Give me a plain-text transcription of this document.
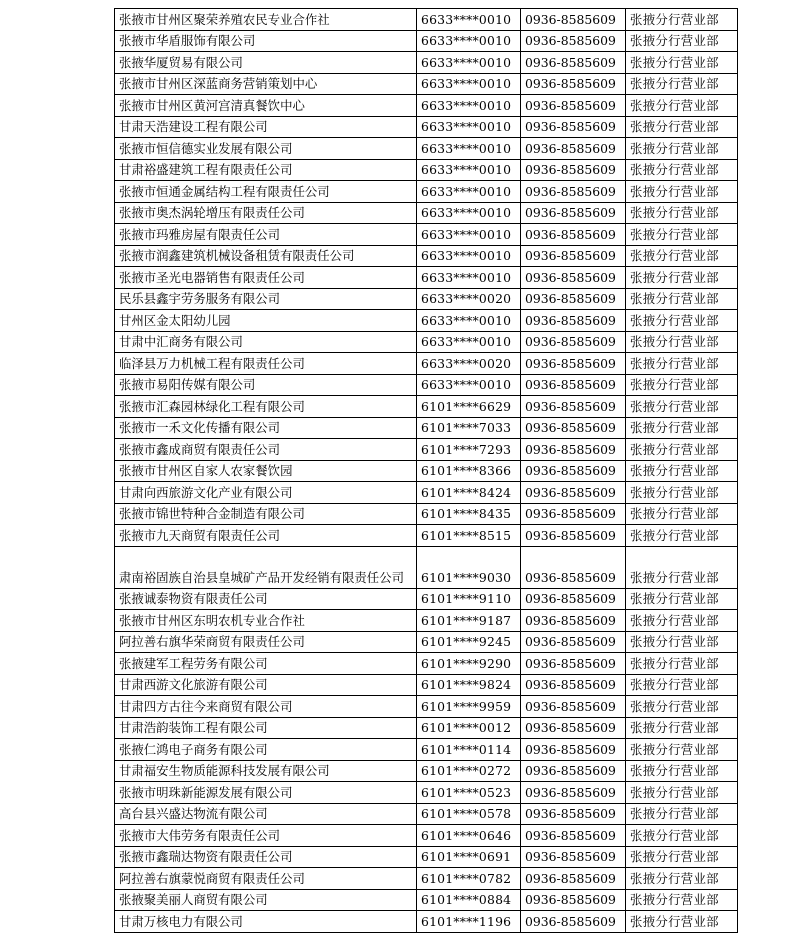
张掖市甘州区聚荣养殖农民专业合作社	6633****0010	0936-8585609	张掖分行营业部
张掖市华盾服饰有限公司	6633****0010	0936-8585609	张掖分行营业部
张掖华厦贸易有限公司	6633****0010	0936-8585609	张掖分行营业部
张掖市甘州区深蓝商务营销策划中心	6633****0010	0936-8585609	张掖分行营业部
张掖市甘州区黄河宫清真餐饮中心	6633****0010	0936-8585609	张掖分行营业部
甘肃天浩建设工程有限公司	6633****0010	0936-8585609	张掖分行营业部
张掖市恒信德实业发展有限公司	6633****0010	0936-8585609	张掖分行营业部
甘肃裕盛建筑工程有限责任公司	6633****0010	0936-8585609	张掖分行营业部
张掖市恒通金属结构工程有限责任公司	6633****0010	0936-8585609	张掖分行营业部
张掖市奥杰涡轮增压有限责任公司	6633****0010	0936-8585609	张掖分行营业部
张掖市玛雅房屋有限责任公司	6633****0010	0936-8585609	张掖分行营业部
张掖市润鑫建筑机械设备租赁有限责任公司	6633****0010	0936-8585609	张掖分行营业部
张掖市圣光电器销售有限责任公司	6633****0010	0936-8585609	张掖分行营业部
民乐县鑫宇劳务服务有限公司	6633****0020	0936-8585609	张掖分行营业部
甘州区金太阳幼儿园	6633****0010	0936-8585609	张掖分行营业部
甘肃中汇商务有限公司	6633****0010	0936-8585609	张掖分行营业部
临泽县万力机械工程有限责任公司	6633****0020	0936-8585609	张掖分行营业部
张掖市易阳传媒有限公司	6633****0010	0936-8585609	张掖分行营业部
张掖市汇森园林绿化工程有限公司	6101****6629	0936-8585609	张掖分行营业部
张掖市一禾文化传播有限公司	6101****7033	0936-8585609	张掖分行营业部
张掖市鑫成商贸有限责任公司	6101****7293	0936-8585609	张掖分行营业部
张掖市甘州区自家人农家餐饮园	6101****8366	0936-8585609	张掖分行营业部
甘肃向西旅游文化产业有限公司	6101****8424	0936-8585609	张掖分行营业部
张掖市锦世特种合金制造有限公司	6101****8435	0936-8585609	张掖分行营业部
张掖市九天商贸有限责任公司	6101****8515	0936-8585609	张掖分行营业部
肃南裕固族自治县皇城矿产品开发经销有限责任公司	6101****9030	0936-8585609	张掖分行营业部
张掖诚泰物资有限责任公司	6101****9110	0936-8585609	张掖分行营业部
张掖市甘州区东明农机专业合作社	6101****9187	0936-8585609	张掖分行营业部
阿拉善右旗华荣商贸有限责任公司	6101****9245	0936-8585609	张掖分行营业部
张掖建军工程劳务有限公司	6101****9290	0936-8585609	张掖分行营业部
甘肃西游文化旅游有限公司	6101****9824	0936-8585609	张掖分行营业部
甘肃四方古往今来商贸有限公司	6101****9959	0936-8585609	张掖分行营业部
甘肃浩韵装饰工程有限公司	6101****0012	0936-8585609	张掖分行营业部
张掖仁鸿电子商务有限公司	6101****0114	0936-8585609	张掖分行营业部
甘肃福安生物质能源科技发展有限公司	6101****0272	0936-8585609	张掖分行营业部
张掖市明珠新能源发展有限公司	6101****0523	0936-8585609	张掖分行营业部
高台县兴盛达物流有限公司	6101****0578	0936-8585609	张掖分行营业部
张掖市大伟劳务有限责任公司	6101****0646	0936-8585609	张掖分行营业部
张掖市鑫瑞达物资有限责任公司	6101****0691	0936-8585609	张掖分行营业部
阿拉善右旗蒙悦商贸有限责任公司	6101****0782	0936-8585609	张掖分行营业部
张掖聚美丽人商贸有限公司	6101****0884	0936-8585609	张掖分行营业部
甘肃万核电力有限公司	6101****1196	0936-8585609	张掖分行营业部
